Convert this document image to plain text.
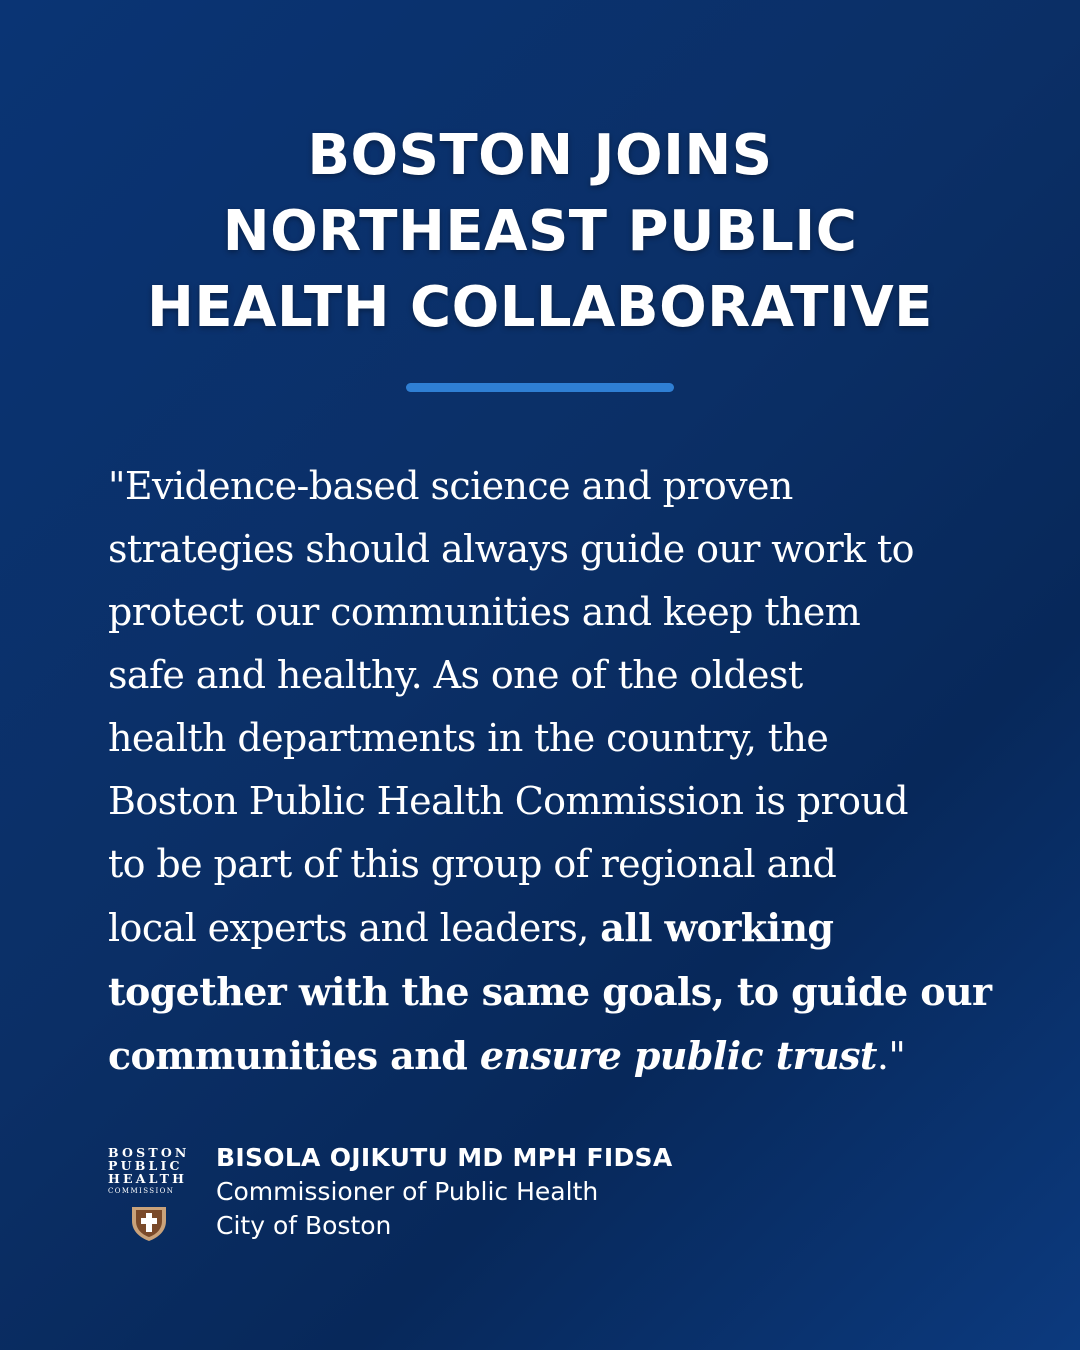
BOSTON JOINS
NORTHEAST PUBLIC
HEALTH COLLABORATIVE
"Evidence-based science and proven
strategies should always guide our work to
protect our communities and keep them
safe and healthy. As one of the oldest
health departments in the country, the
Boston Public Health Commission is proud
to be part of this group of regional and
local experts and leaders, all working
together with the same goals, to guide our
communities and ensure public trust."
BOSTON
PUBLIC
HEALTH
COMMISSION
BISOLA OJIKUTU MD MPH FIDSA
Commissioner of Public Health
City of Boston
